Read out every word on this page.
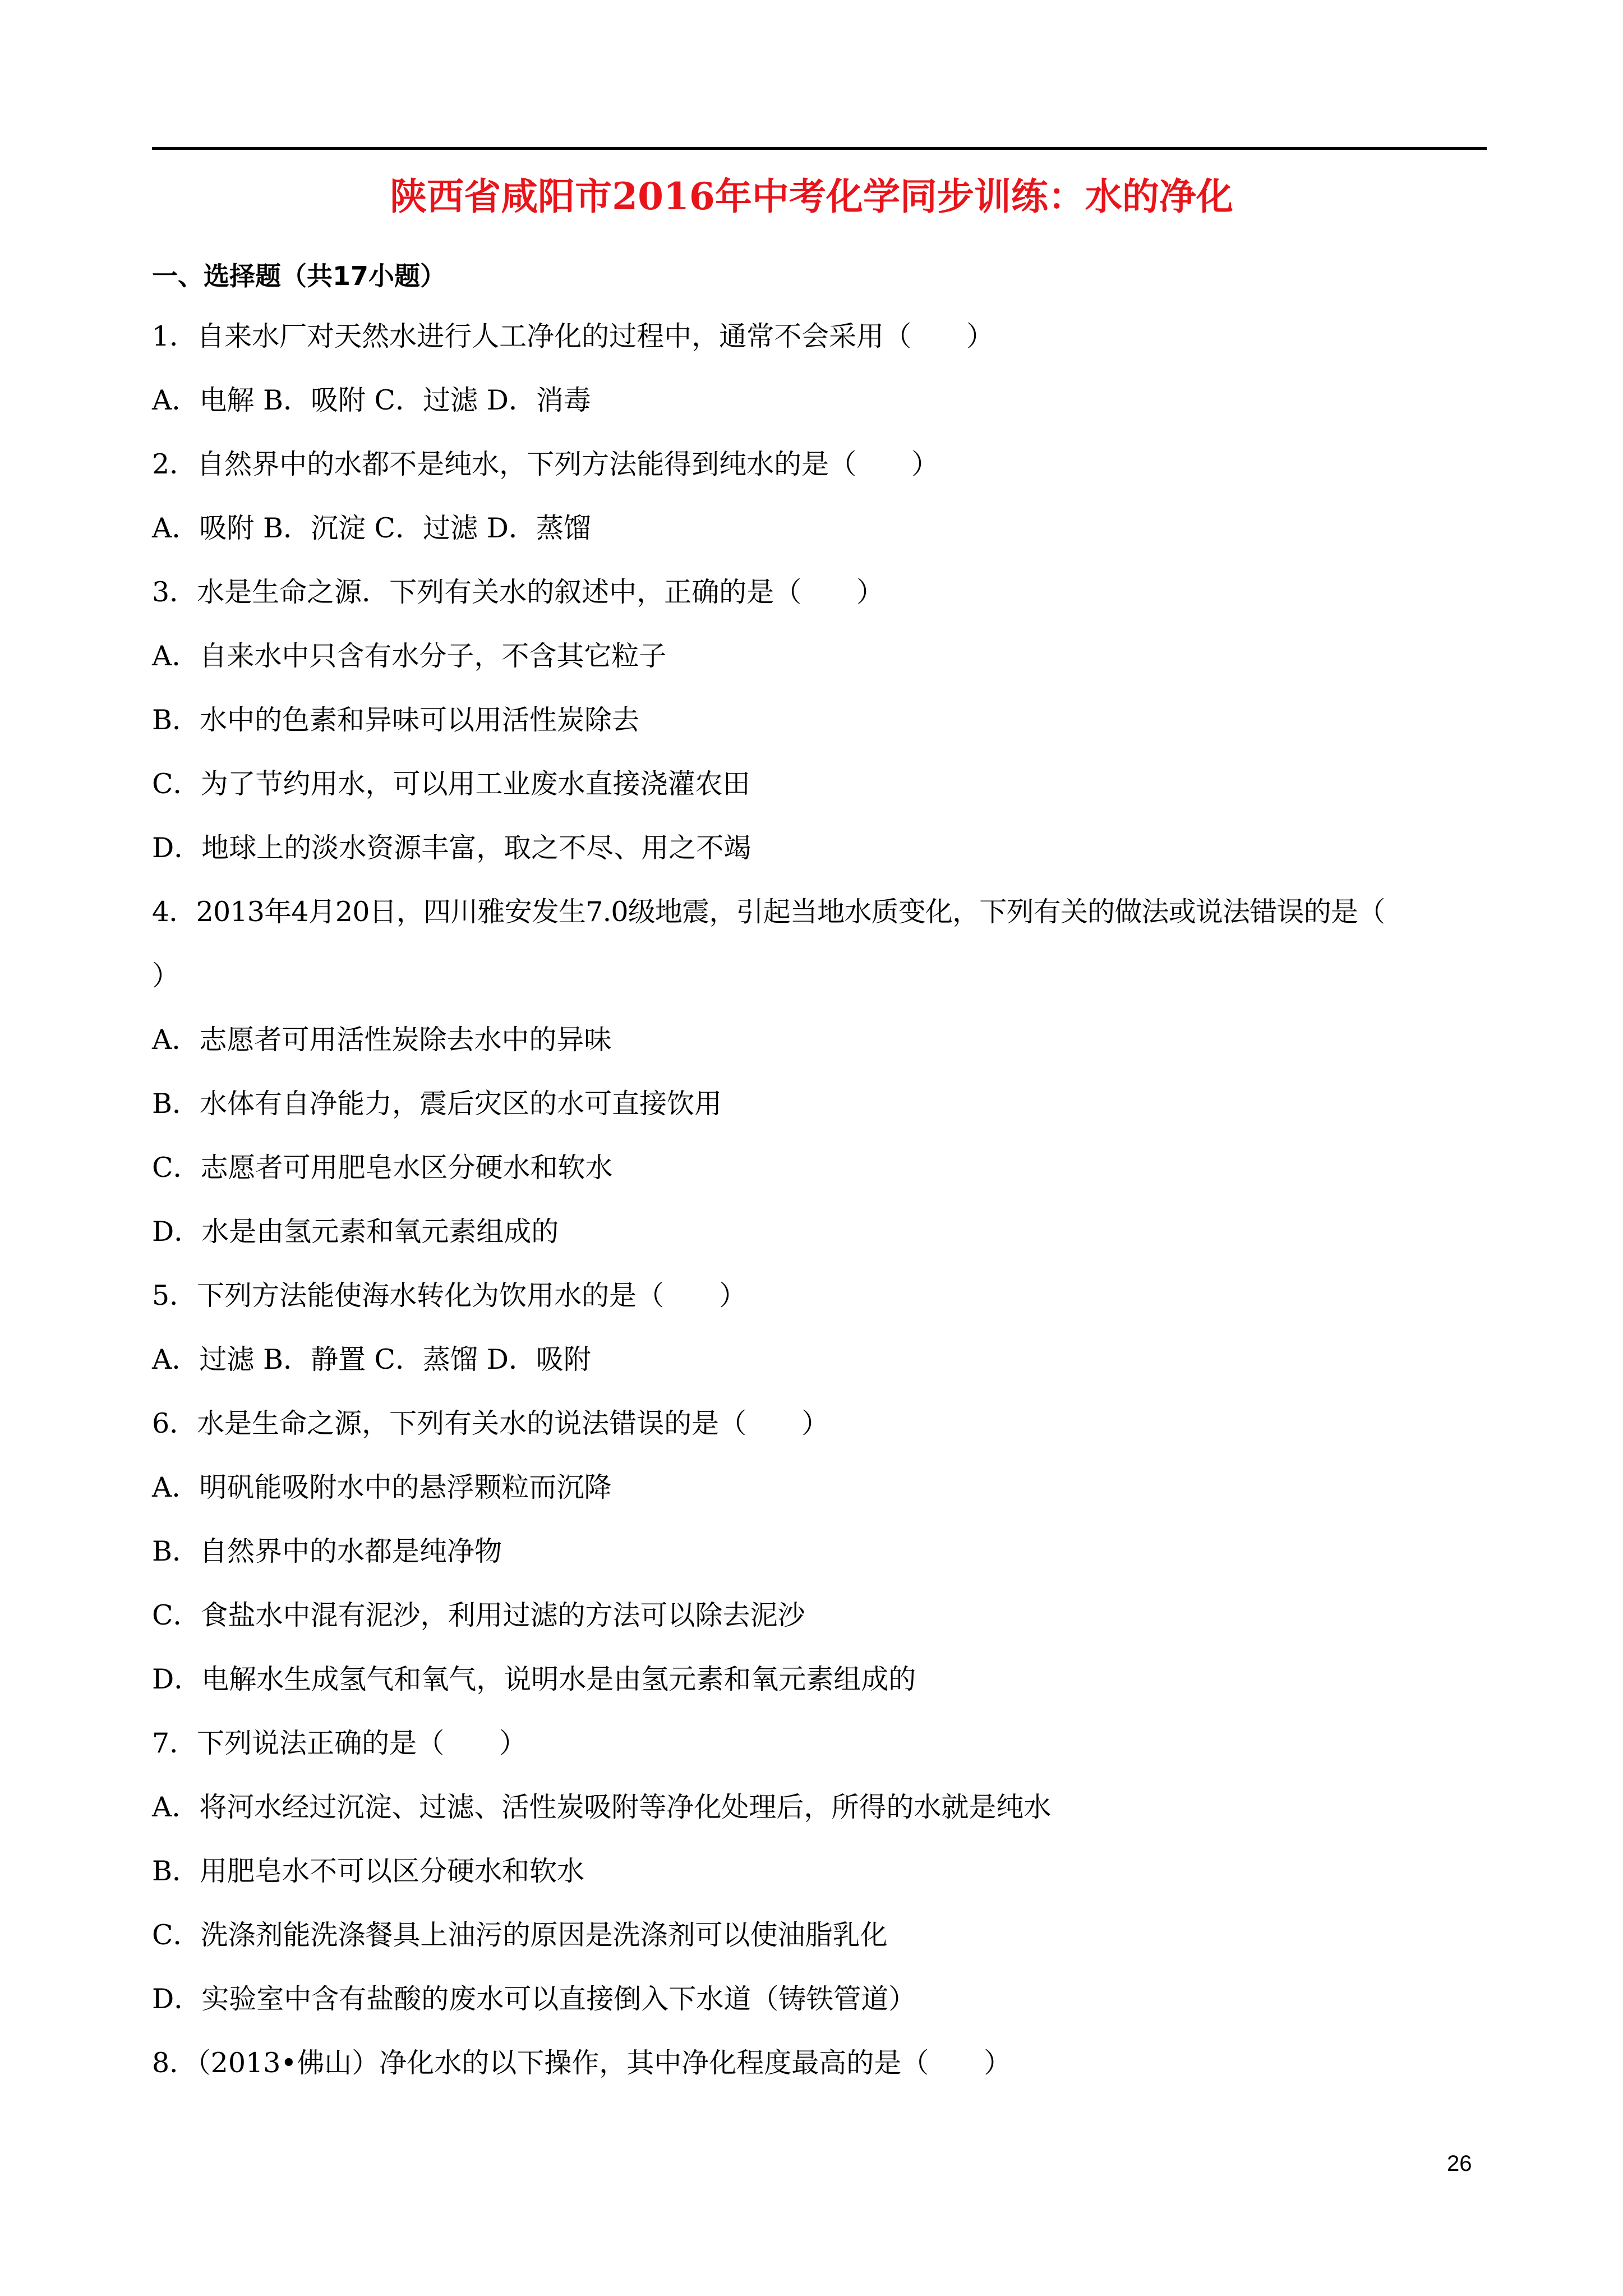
陕西省咸阳市2016年中考化学同步训练：水的净化
一、选择题（共17小题）
1．自来水厂对天然水进行人工净化的过程中，通常不会采用（　　）
A．电解 B．吸附 C．过滤 D．消毒
2．自然界中的水都不是纯水，下列方法能得到纯水的是（　　）
A．吸附 B．沉淀 C．过滤 D．蒸馏
3．水是生命之源．下列有关水的叙述中，正确的是（　　）
A．自来水中只含有水分子，不含其它粒子
B．水中的色素和异味可以用活性炭除去
C．为了节约用水，可以用工业废水直接浇灌农田
D．地球上的淡水资源丰富，取之不尽、用之不竭
4．2013年4月20日，四川雅安发生7.0级地震，引起当地水质变化，下列有关的做法或说法错误的是（
）
A．志愿者可用活性炭除去水中的异味
B．水体有自净能力，震后灾区的水可直接饮用
C．志愿者可用肥皂水区分硬水和软水
D．水是由氢元素和氧元素组成的
5．下列方法能使海水转化为饮用水的是（　　）
A．过滤 B．静置 C．蒸馏 D．吸附
6．水是生命之源，下列有关水的说法错误的是（　　）
A．明矾能吸附水中的悬浮颗粒而沉降
B．自然界中的水都是纯净物
C．食盐水中混有泥沙，利用过滤的方法可以除去泥沙
D．电解水生成氢气和氧气，说明水是由氢元素和氧元素组成的
7．下列说法正确的是（　　）
A．将河水经过沉淀、过滤、活性炭吸附等净化处理后，所得的水就是纯水
B．用肥皂水不可以区分硬水和软水
C．洗涤剂能洗涤餐具上油污的原因是洗涤剂可以使油脂乳化
D．实验室中含有盐酸的废水可以直接倒入下水道（铸铁管道）
8．（2013•佛山）净化水的以下操作，其中净化程度最高的是（　　）
26
